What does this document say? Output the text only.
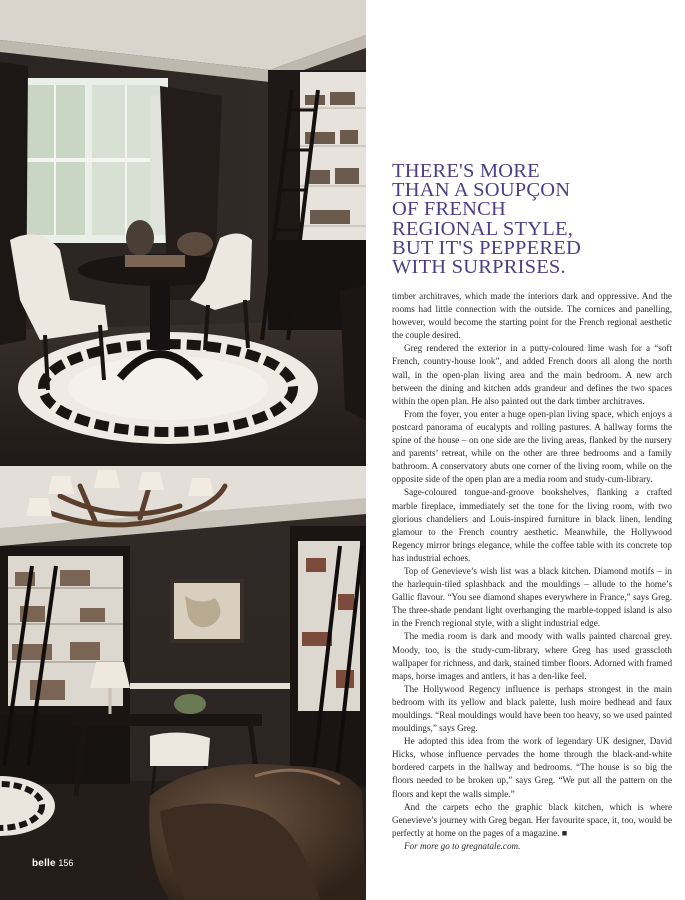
THERE'S MORE
THAN A SOUPÇON
OF FRENCH
REGIONAL STYLE,
BUT IT'S PEPPERED
WITH SURPRISES.

timber architraves, which made the interiors dark and oppressive. And the rooms had little connection with the outside. The cornices and panelling, however, would become the starting point for the French regional aesthetic the couple desired.

Greg rendered the exterior in a putty-coloured lime wash for a “soft French, country-house look”, and added French doors all along the north wall, in the open-plan living area and the main bedroom. A new arch between the dining and kitchen adds grandeur and defines the two spaces within the open plan. He also painted out the dark timber architraves.

From the foyer, you enter a huge open-plan living space, which enjoys a postcard panorama of eucalypts and rolling pastures. A hallway forms the spine of the house – on one side are the living areas, flanked by the nursery and parents’ retreat, while on the other are three bedrooms and a family bathroom. A conservatory abuts one corner of the living room, while on the opposite side of the open plan are a media room and study-cum-library.

Sage-coloured tongue-and-groove bookshelves, flanking a crafted marble fireplace, immediately set the tone for the living room, with two glorious chandeliers and Louis-inspired furniture in black linen, lending glamour to the French country aesthetic. Meanwhile, the Hollywood Regency mirror brings elegance, while the coffee table with its concrete top has industrial echoes.

Top of Genevieve’s wish list was a black kitchen. Diamond motifs – in the harlequin-tiled splashback and the mouldings – allude to the home’s Gallic flavour. “You see diamond shapes everywhere in France,” says Greg. The three-shade pendant light overhanging the marble-topped island is also in the French regional style, with a slight industrial edge.

The media room is dark and moody with walls painted charcoal grey. Moody, too, is the study-cum-library, where Greg has used grasscloth wallpaper for richness, and dark, stained timber floors. Adorned with framed maps, horse images and antlers, it has a den-like feel.

The Hollywood Regency influence is perhaps strongest in the main bedroom with its yellow and black palette, lush moire bedhead and faux mouldings. “Real mouldings would have been too heavy, so we used painted mouldings,” says Greg.

He adopted this idea from the work of legendary UK designer, David Hicks, whose influence pervades the home through the black-and-white bordered carpets in the hallway and bedrooms. “The house is so big the floors needed to be broken up,” says Greg. “We put all the pattern on the floors and kept the walls simple.”

And the carpets echo the graphic black kitchen, which is where Genevieve’s journey with Greg began. Her favourite space, it, too, would be perfectly at home on the pages of a magazine. ■

For more go to gregnatale.com.

belle 156
